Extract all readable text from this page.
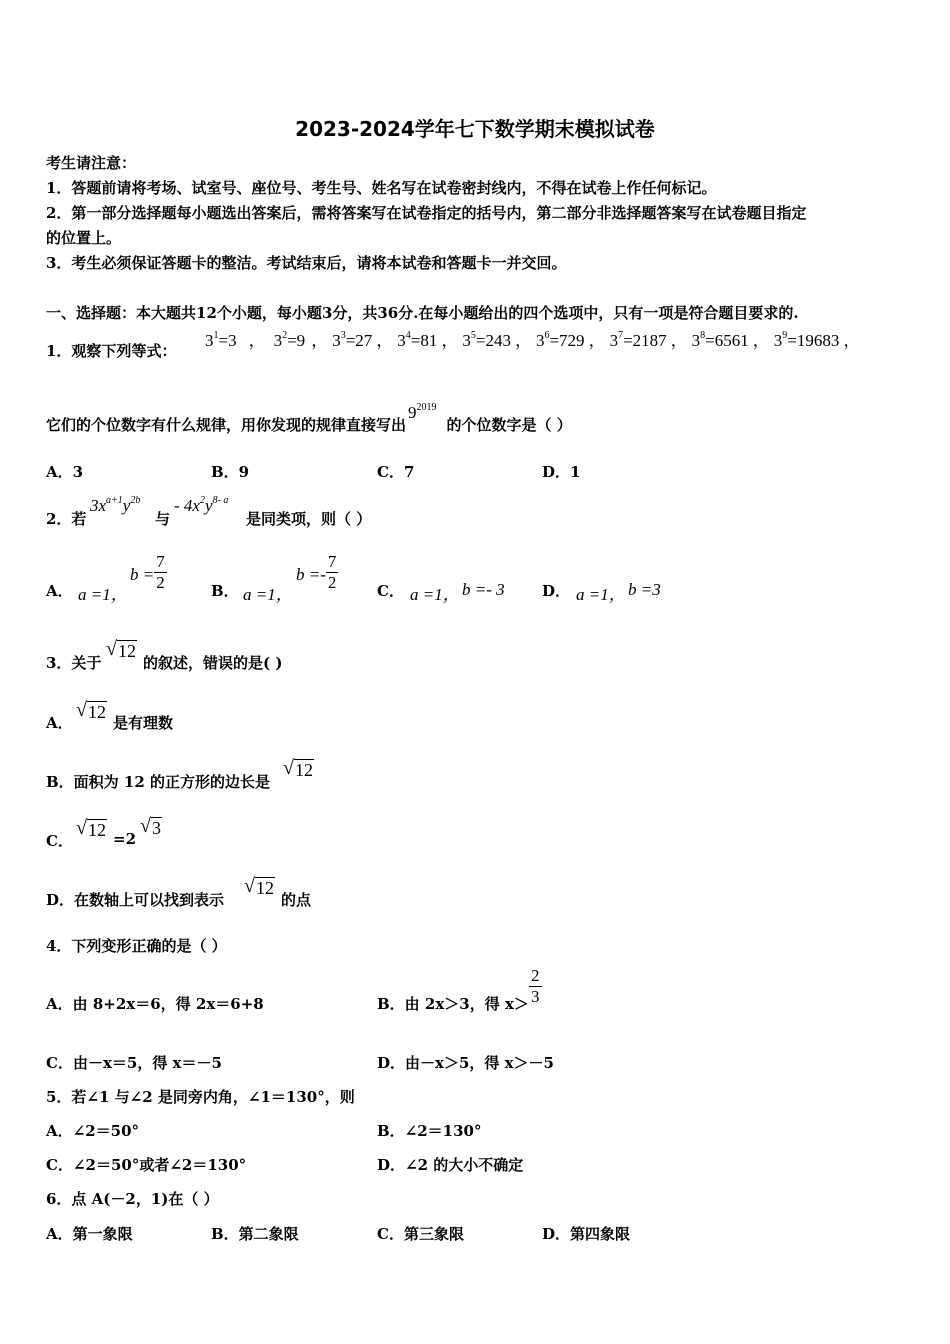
2023-2024学年七下数学期末模拟试卷
考生请注意：
1．答题前请将考场、试室号、座位号、考生号、姓名写在试卷密封线内，不得在试卷上作任何标记。
2．第一部分选择题每小题选出答案后，需将答案写在试卷指定的括号内，第二部分非选择题答案写在试卷题目指定
的位置上。
3．考生必须保证答题卡的整洁。考试结束后，请将本试卷和答题卡一并交回。
一、选择题：本大题共12个小题，每小题3分，共36分.在每小题给出的四个选项中，只有一项是符合题目要求的.
1．观察下列等式：
$3^1=3$ ， $3^2=9$ ， $3^3=27$ ， $3^4=81$ ， $3^5=243$ ， $3^6=729$ ， $3^7=2187$ ， $3^8=6561$ ， $3^9=19683$ ，
它们的个位数字有什么规律，用你发现的规律直接写出$9^{2019}$的个位数字是（ ）
A．3	B．9	C．7	D．1
2．若
$3x^{a+1}y^{2b}$
与
- $4x^2y^{8- a}$
是同类项，则（ ）
A． a =1，
$b = \frac{7}{2}$	B． a =1，
$b =- \frac{7}{2}$	C． a =1， b =- 3 D． a =1， b =3
3．关于
√ 12
的叙述，错误的是( )
A．
√ 12
是有理数
B．面积为 12 的正方形的边长是
√ 12
C．
√ 12 =2
√ 3
D．在数轴上可以找到表示
√ 12
的点
4．下列变形正确的是（ ）
A．由 8+2x＝6，得 2x＝6+8	B．由 2x＞3，得 $x> \frac{2}{3}$
C．由－x＝5，得 x＝－5	D．由－x＞5，得 x＞－5
5．若∠1 与∠2 是同旁内角，∠1＝130°，则
A．∠2＝50°	B．∠2＝130°
C．∠2＝50°或者∠2＝130°	D．∠2 的大小不确定
6．点 A(－2，1)在（ ）
A．第一象限	B．第二象限	C．第三象限	D．第四象限
